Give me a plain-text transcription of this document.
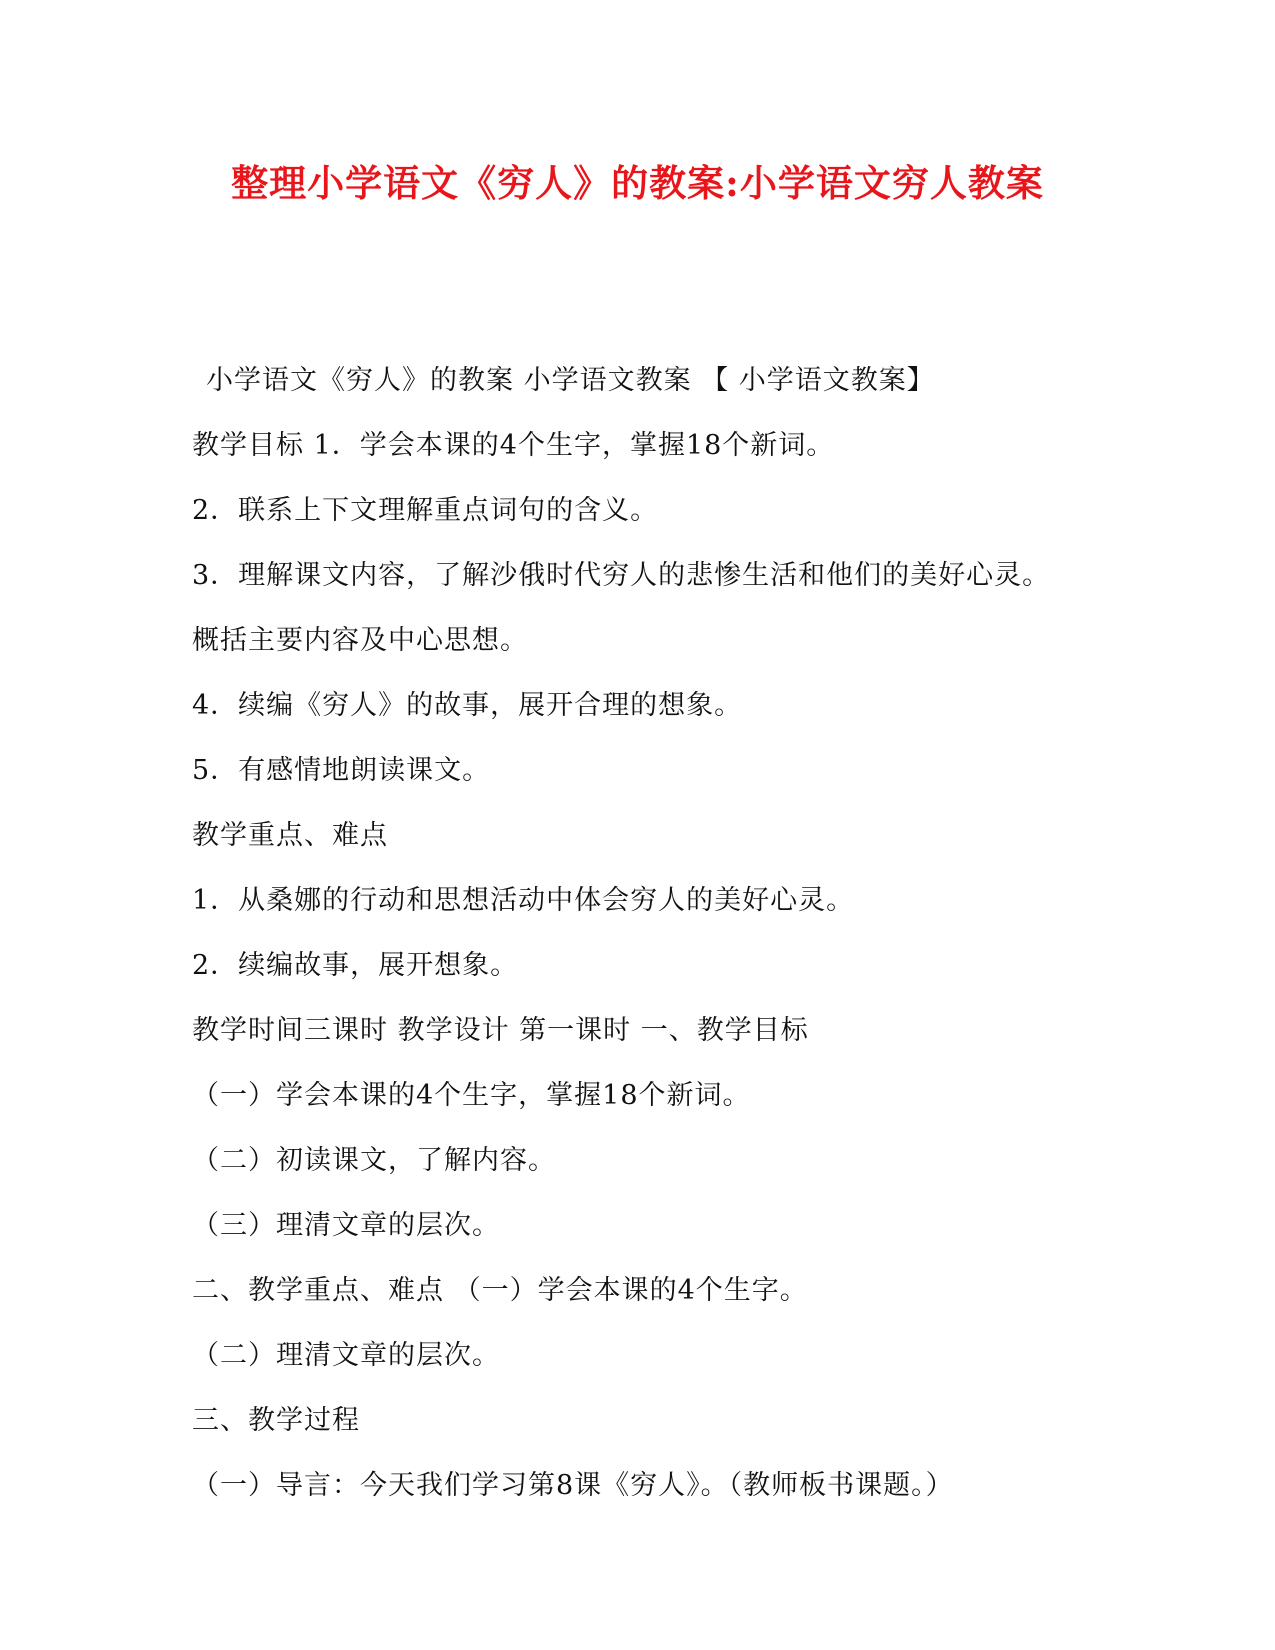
整理小学语文《穷人》的教案:小学语文穷人教案
小学语文《穷人》的教案 小学语文教案 【 小学语文教案】
教学目标 1．学会本课的4个生字，掌握18个新词。
2．联系上下文理解重点词句的含义。
3．理解课文内容，了解沙俄时代穷人的悲惨生活和他们的美好心灵。
概括主要内容及中心思想。
4．续编《穷人》的故事，展开合理的想象。
5．有感情地朗读课文。
教学重点、难点
1．从桑娜的行动和思想活动中体会穷人的美好心灵。
2．续编故事，展开想象。
教学时间三课时 教学设计 第一课时 一、教学目标
（一）学会本课的4个生字，掌握18个新词。
（二）初读课文，了解内容。
（三）理清文章的层次。
二、教学重点、难点 （一）学会本课的4个生字。
（二）理清文章的层次。
三、教学过程
（一）导言：今天我们学习第8课《穷人》。（教师板书课题。）
